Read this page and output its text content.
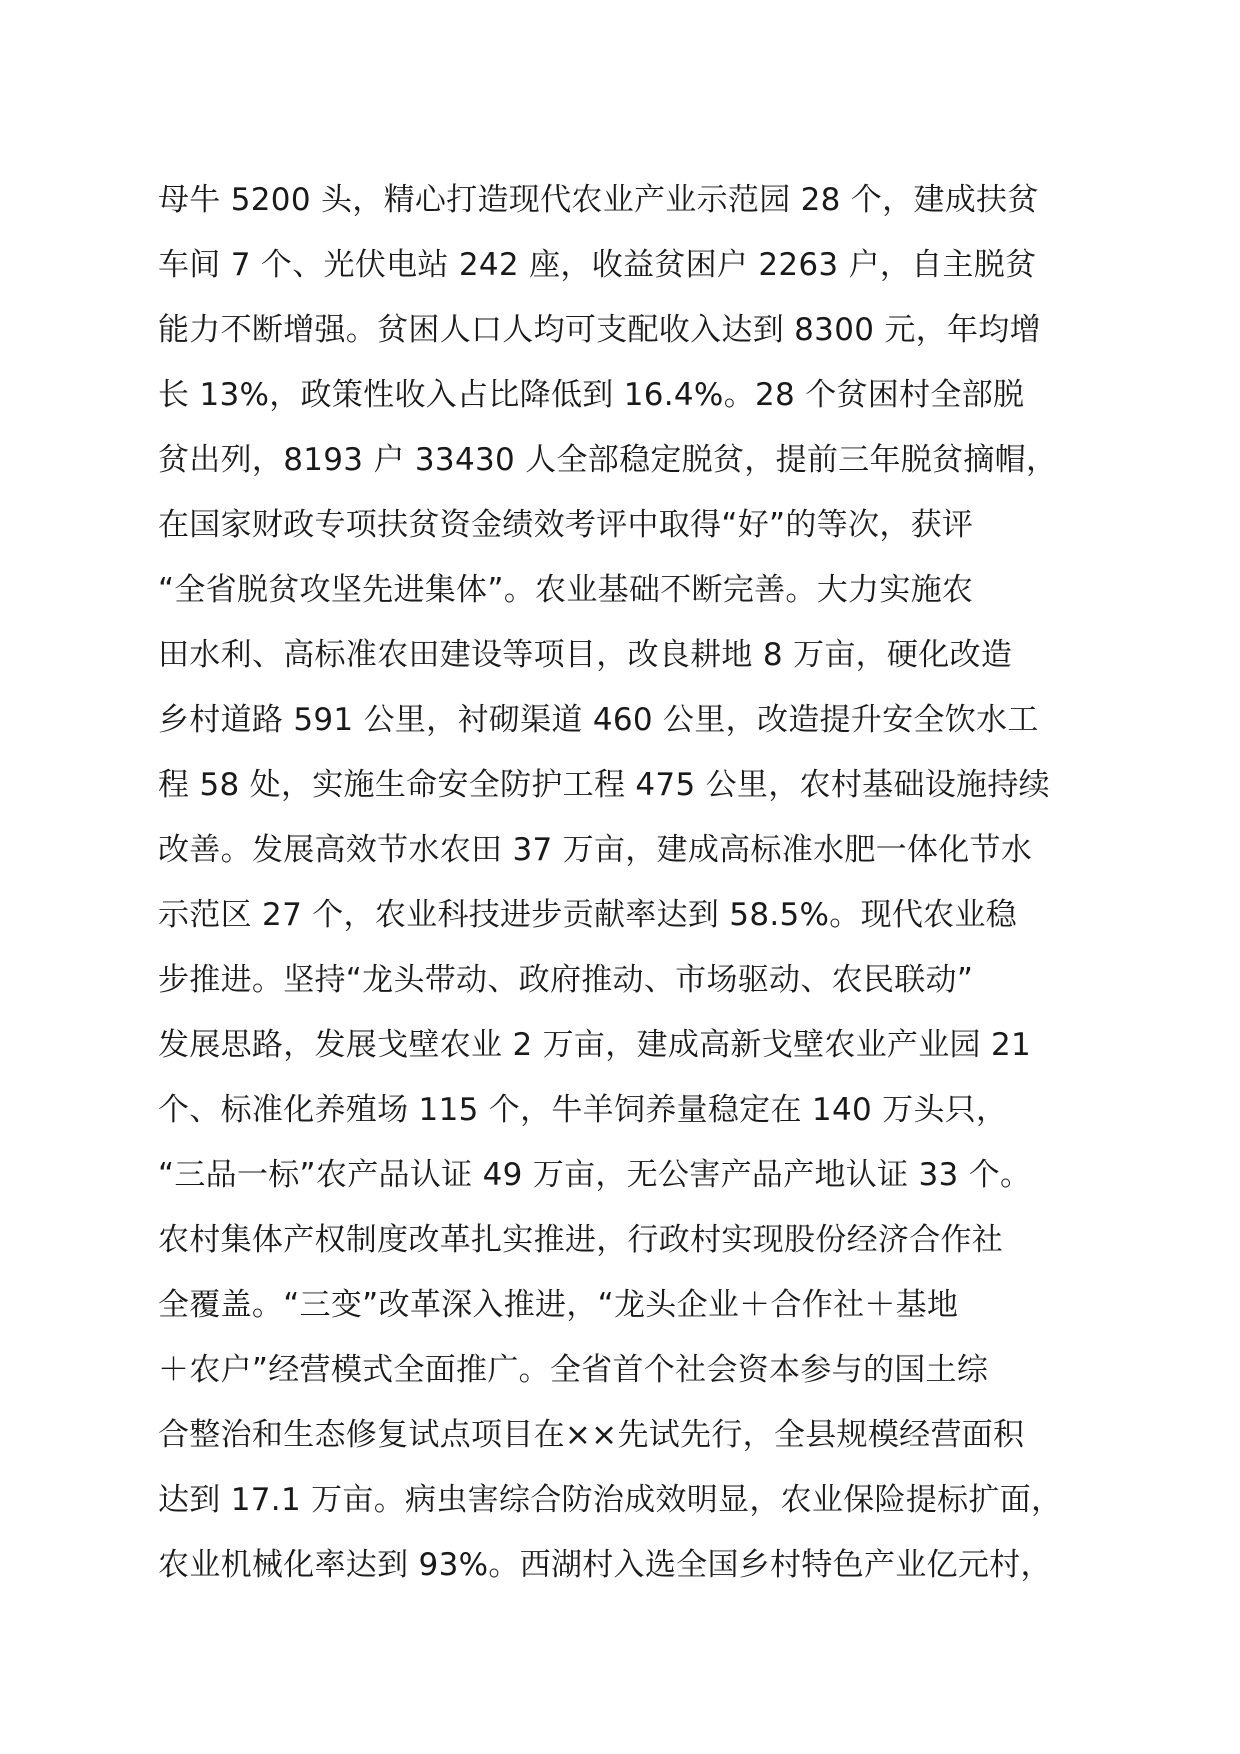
母牛 5200 头，精心打造现代农业产业示范园 28 个，建成扶贫
车间 7 个、光伏电站 242 座，收益贫困户 2263 户，自主脱贫
能力不断增强。贫困人口人均可支配收入达到 8300 元，年均增
长 13%，政策性收入占比降低到 16.4%。28 个贫困村全部脱
贫出列，8193 户 33430 人全部稳定脱贫，提前三年脱贫摘帽，
在国家财政专项扶贫资金绩效考评中取得“好”的等次，获评
“全省脱贫攻坚先进集体”。农业基础不断完善。大力实施农
田水利、高标准农田建设等项目，改良耕地 8 万亩，硬化改造
乡村道路 591 公里，衬砌渠道 460 公里，改造提升安全饮水工
程 58 处，实施生命安全防护工程 475 公里，农村基础设施持续
改善。发展高效节水农田 37 万亩，建成高标准水肥一体化节水
示范区 27 个，农业科技进步贡献率达到 58.5%。现代农业稳
步推进。坚持“龙头带动、政府推动、市场驱动、农民联动”
发展思路，发展戈壁农业 2 万亩，建成高新戈壁农业产业园 21
个、标准化养殖场 115 个，牛羊饲养量稳定在 140 万头只，
“三品一标”农产品认证 49 万亩，无公害产品产地认证 33 个。
农村集体产权制度改革扎实推进，行政村实现股份经济合作社
全覆盖。“三变”改革深入推进，“龙头企业＋合作社＋基地
＋农户”经营模式全面推广。全省首个社会资本参与的国土综
合整治和生态修复试点项目在××先试先行，全县规模经营面积
达到 17.1 万亩。病虫害综合防治成效明显，农业保险提标扩面，
农业机械化率达到 93%。西湖村入选全国乡村特色产业亿元村，
